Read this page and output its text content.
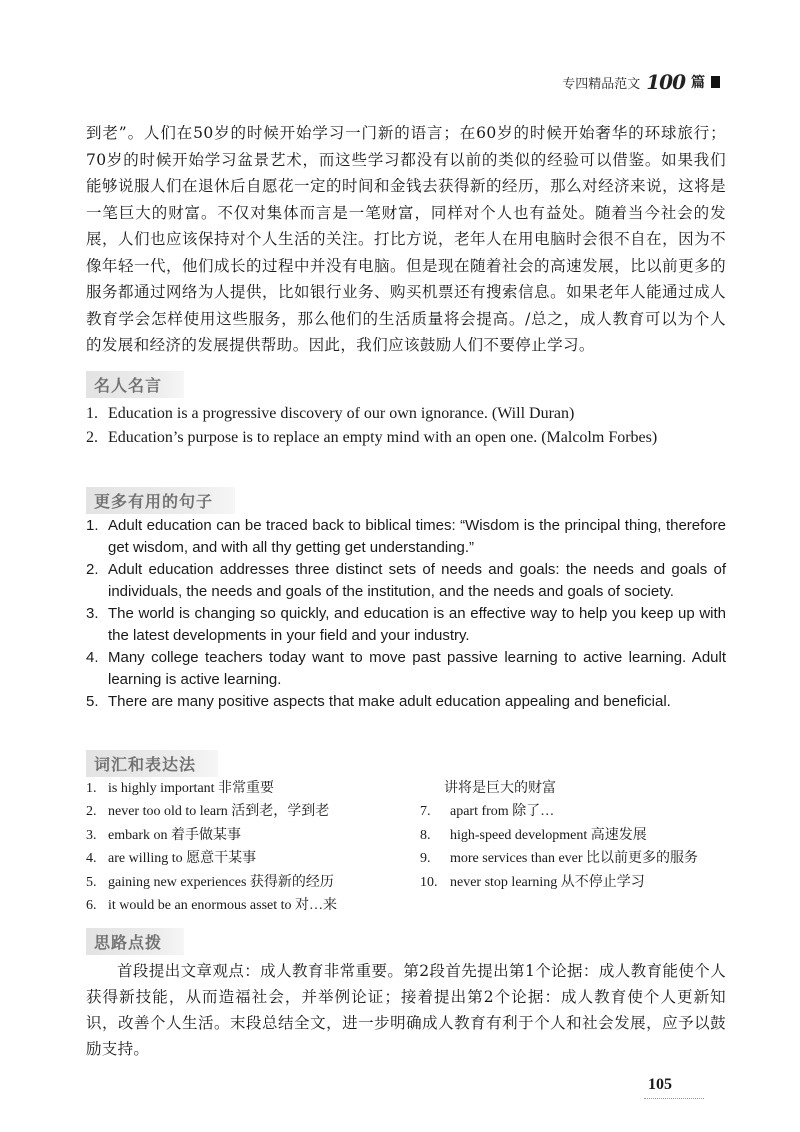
专四精品范文 100 篇

到老”。人们在50岁的时候开始学习一门新的语言；在60岁的时候开始奢华的环球旅行；70岁的时候开始学习盆景艺术，而这些学习都没有以前的类似的经验可以借鉴。如果我们能够说服人们在退休后自愿花一定的时间和金钱去获得新的经历，那么对经济来说，这将是一笔巨大的财富。不仅对集体而言是一笔财富，同样对个人也有益处。随着当今社会的发展，人们也应该保持对个人生活的关注。打比方说，老年人在用电脑时会很不自在，因为不像年轻一代，他们成长的过程中并没有电脑。但是现在随着社会的高速发展，比以前更多的服务都通过网络为人提供，比如银行业务、购买机票还有搜索信息。如果老年人能通过成人教育学会怎样使用这些服务，那么他们的生活质量将会提高。/总之，成人教育可以为个人的发展和经济的发展提供帮助。因此，我们应该鼓励人们不要停止学习。

名人名言
1. Education is a progressive discovery of our own ignorance. (Will Duran)
2. Education’s purpose is to replace an empty mind with an open one. (Malcolm Forbes)
更多有用的句子
1. Adult education can be traced back to biblical times: “Wisdom is the principal thing, therefore get wisdom, and with all thy getting get understanding.”
2. Adult education addresses three distinct sets of needs and goals: the needs and goals of individuals, the needs and goals of the institution, and the needs and goals of society.
3. The world is changing so quickly, and education is an effective way to help you keep up with the latest developments in your field and your industry.
4. Many college teachers today want to move past passive learning to active learning. Adult learning is active learning.
5. There are many positive aspects that make adult education appealing and beneficial.
词汇和表达法
1. is highly important 非常重要
2. never too old to learn 活到老，学到老
3. embark on 着手做某事
4. are willing to 愿意干某事
5. gaining new experiences 获得新的经历
6. it would be an enormous asset to 对…来
讲将是巨大的财富
7.	apart from 除了…
8.	high-speed development 高速发展
9.	more services than ever 比以前更多的服务
10. never stop learning 从不停止学习
思路点拨

首段提出文章观点：成人教育非常重要。第2段首先提出第1个论据：成人教育能使个人获得新技能，从而造福社会，并举例论证；接着提出第2个论据：成人教育使个人更新知识，改善个人生活。末段总结全文，进一步明确成人教育有利于个人和社会发展，应予以鼓励支持。

105
